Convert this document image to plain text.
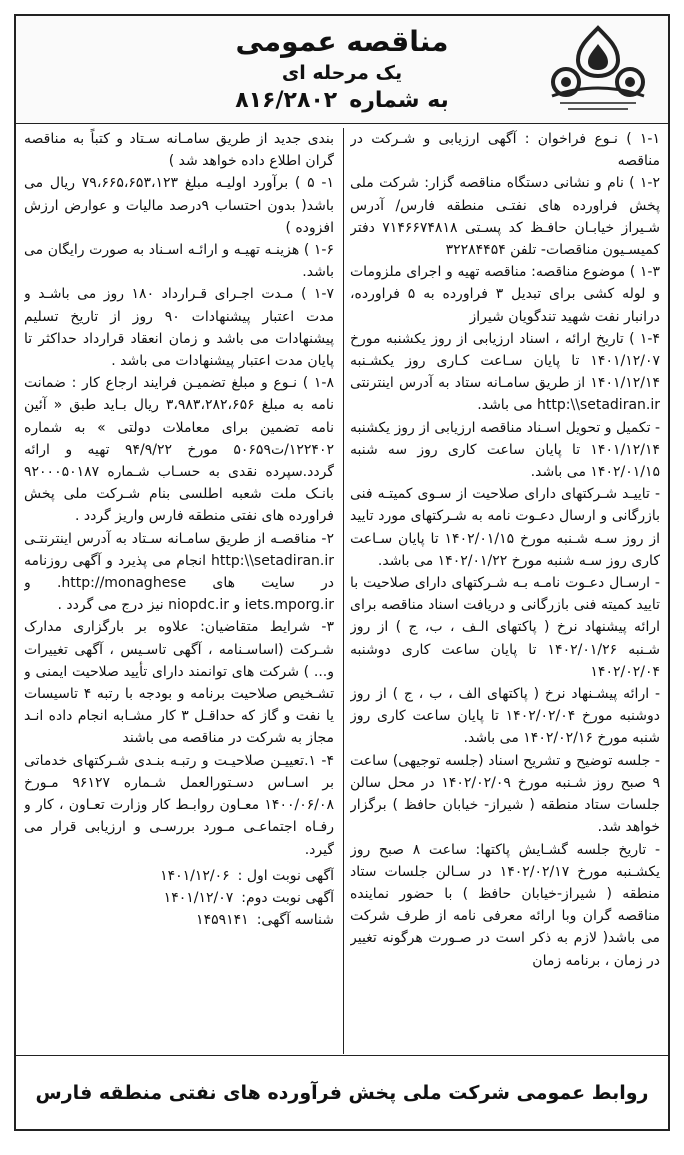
مناقصه عمومی
یک مرحله ای
به شماره۸۱۶/۲۸۰۲

۱-۱ ) نـوع فراخوان : آگهی ارزیابی و شـرکت در مناقصه

۱-۲ ) نام و نشانی دستگاه مناقصه گزار: شرکت ملی پخش فراورده های نفتـی منطقه فارس/ آدرس شـیراز خیابـان حافـظ کد پسـتی ۷۱۴۶۶۷۴۸۱۸ دفتر کمیسـیون مناقصات- تلفن ۳۲۲۸۴۴۵۴

۱-۳ ) موضوع مناقصه: مناقصه تهیه و اجرای ملزومات و لوله کشی برای تبدیل ۳ فراورده به ۵ فراورده، درانبار نفت شهید تندگویان شیراز

۱-۴ ) تاریخ ارائه ، اسناد ارزیابی از روز یکشنبه مورخ ۱۴۰۱/۱۲/۰۷ تا پایان سـاعت کـاری روز یکشـنبه ۱۴۰۱/۱۲/۱۴ از طریق سامـانه ستاد به آدرس اینترنتی http:\\setadiran.ir می باشد.

- تکمیل و تحویل اسـناد مناقصه ارزیابی از روز یکشنبه ۱۴۰۱/۱۲/۱۴ تا پایان ساعت کاری روز سه شنبه ۱۴۰۲/۰۱/۱۵ می باشد.

- تاییـد شـرکتهای دارای صلاحیت از سـوی کمیتـه فنی بازرگانی و ارسال دعـوت نامه به شـرکتهای مورد تایید از روز سـه شـنبه مورخ ۱۴۰۲/۰۱/۱۵ تا پایان سـاعت کاری روز سـه شنبه مورخ ۱۴۰۲/۰۱/۲۲ می باشد.

- ارسـال دعـوت نامـه بـه شـرکتهای دارای صلاحیت با تایید کمیته فنی بازرگانی و دریافت اسناد مناقصه برای ارائه پیشنهاد نرخ ( پاکتهای الـف ، ب، ج ) از روز شـنبه ۱۴۰۲/۰۱/۲۶ تا پایان ساعت کاری دوشنبه ۱۴۰۲/۰۲/۰۴

- ارائه پیشـنهاد نرخ ( پاکتهای الف ، ب ، ج ) از روز دوشنبه مورخ ۱۴۰۲/۰۲/۰۴ تا پایان ساعت کاری روز شنبه مورخ ۱۴۰۲/۰۲/۱۶ می باشد.

- جلسه توضیح و تشریح اسناد (جلسه توجیهی) ساعت ۹ صبح روز شـنبه مورخ ۱۴۰۲/۰۲/۰۹ در محل سالن جلسات ستاد منطقه ( شیراز- خیابان حافظ ) برگزار خواهد شد.

- تاریخ جلسه گشـایش پاکتها: ساعت ۸ صبح روز یکشـنبه مورخ ۱۴۰۲/۰۲/۱۷ در سـالن جلسات ستاد منطقه ( شیراز-خیابان حافظ ) با حضور نماینده مناقصه گران وبا ارائه معرفی نامه از طرف شرکت می باشد( لازم به ذکر است در صـورت هرگونه تغییر در زمان ، برنامه زمان

بندی جدید از طریق سامـانه سـتاد و کتباً به مناقصه گران اطلاع داده خواهد شد )

۱- ۵ ) برآورد اولیـه مبلغ ۷۹،۶۶۵،۶۵۳،۱۲۳ ریال می باشد( بدون احتساب ۹درصد مالیات و عوارض ارزش افزوده )

۱-۶ ) هزینـه تهیـه و ارائـه اسـناد به صورت رایگان می باشد.

۱-۷ ) مـدت اجـرای قـرارداد ۱۸۰ روز می باشـد و مدت اعتبار پیشنهادات ۹۰ روز از تاریخ تسلیم پیشنهادات می باشد و زمان انعقاد قرارداد حداکثر تا پایان مدت اعتبار پیشنهادات می باشد .

۱-۸ ) نـوع و مبلغ تضمیـن فرایند ارجاع کار : ضمانت نامه به مبلغ ۳،۹۸۳،۲۸۲،۶۵۶ ریال بـاید طبق « آئین نامه تضمین برای معاملات دولتی » به شماره ۱۲۲۴۰۲/ت۵۰۶۵۹ مورخ ۹۴/۹/۲۲ تهیه و ارائه گردد.سپرده نقدی به حسـاب شـماره ۹۲۰۰۰۵۰۱۸۷ بانـک ملت شعبه اطلسی بنام شـرکت ملی پخش فراورده های نفتی منطقه فارس واریز گردد .

۲- مناقصـه از طریق سامـانه سـتاد به آدرس اینترنتـی http:\\setadiran.ir انجام می پذیرد و آگهی روزنامه در سایت های http://monaghese. و iets.mporg.ir و niopdc.ir نیز درج می گردد .

۳- شرایط متقاضیان: علاوه بر بارگزاری مدارک شـرکت (اساسـنامه ، آگهی تاسـیس ، آگهی تغییرات و... ) شرکت های توانمند دارای تأیید صلاحیت ایمنی و تشـخیص صلاحیت برنامه و بودجه با رتبه ۴ تاسیسات یا نفت و گاز که حداقـل ۳ کار مشـابه انجام داده انـد مجاز به شرکت در مناقصه می باشند

۴- ۱.تعییـن صلاحیـت و رتبـه بنـدی شـرکتهای خدماتی بر اسـاس دسـتورالعمل شـماره ۹۶۱۲۷ مـورخ ۱۴۰۰/۰۶/۰۸ معـاون روابـط کار وزارت تعـاون ، کار و رفـاه اجتماعـی مـورد بررسـی و ارزیابی قرار می گیرد.

آگهی نوبت اول :
۱۴۰۱/۱۲/۰۶
آگهی نوبت دوم:
۱۴۰۱/۱۲/۰۷
شناسه آگهی:
۱۴۵۹۱۴۱
روابط عمومی شرکت ملی پخش فرآورده های نفتی منطقه فارس
